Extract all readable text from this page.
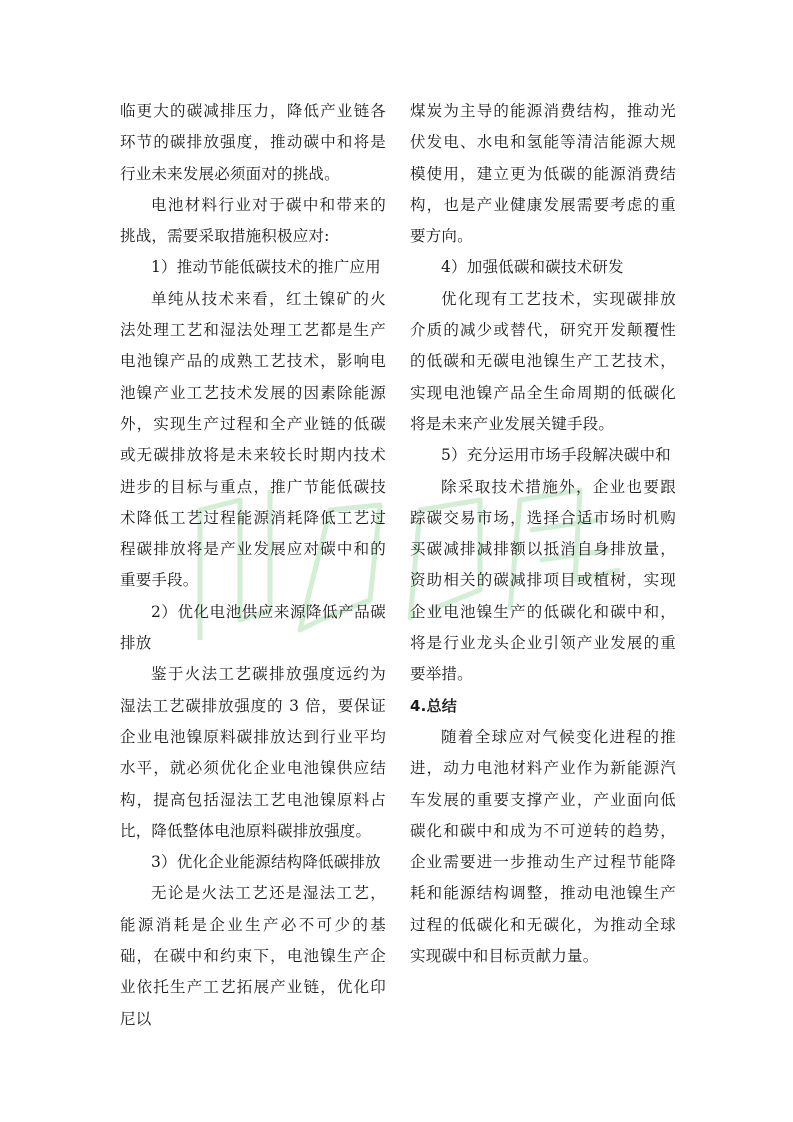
临更大的碳减排压力，降低产业链各环节的碳排放强度，推动碳中和将是行业未来发展必须面对的挑战。

电池材料行业对于碳中和带来的挑战，需要采取措施积极应对:

1）推动节能低碳技术的推广应用

单纯从技术来看，红土镍矿的火法处理工艺和湿法处理工艺都是生产电池镍产品的成熟工艺技术，影响电池镍产业工艺技术发展的因素除能源外，实现生产过程和全产业链的低碳或无碳排放将是未来较长时期内技术进步的目标与重点，推广节能低碳技术降低工艺过程能源消耗降低工艺过程碳排放将是产业发展应对碳中和的重要手段。

2）优化电池供应来源降低产品碳排放

鉴于火法工艺碳排放强度远约为湿法工艺碳排放强度的 3 倍，要保证企业电池镍原料碳排放达到行业平均水平，就必须优化企业电池镍供应结构，提高包括湿法工艺电池镍原料占比，降低整体电池原料碳排放强度。

3）优化企业能源结构降低碳排放

无论是火法工艺还是湿法工艺，能源消耗是企业生产必不可少的基础，在碳中和约束下，电池镍生产企业依托生产工艺拓展产业链，优化印尼以

煤炭为主导的能源消费结构，推动光伏发电、水电和氢能等清洁能源大规模使用，建立更为低碳的能源消费结构，也是产业健康发展需要考虑的重要方向。

4）加强低碳和碳技术研发

优化现有工艺技术，实现碳排放介质的减少或替代，研究开发颠覆性的低碳和无碳电池镍生产工艺技术，实现电池镍产品全生命周期的低碳化将是未来产业发展关键手段。

5）充分运用市场手段解决碳中和

除采取技术措施外，企业也要跟踪碳交易市场，选择合适市场时机购买碳减排减排额以抵消自身排放量，资助相关的碳减排项目或植树，实现企业电池镍生产的低碳化和碳中和，将是行业龙头企业引领产业发展的重要举措。

4.总结

随着全球应对气候变化进程的推进，动力电池材料产业作为新能源汽车发展的重要支撑产业，产业面向低碳化和碳中和成为不可逆转的趋势，企业需要进一步推动生产过程节能降耗和能源结构调整，推动电池镍生产过程的低碳化和无碳化，为推动全球实现碳中和目标贡献力量。
